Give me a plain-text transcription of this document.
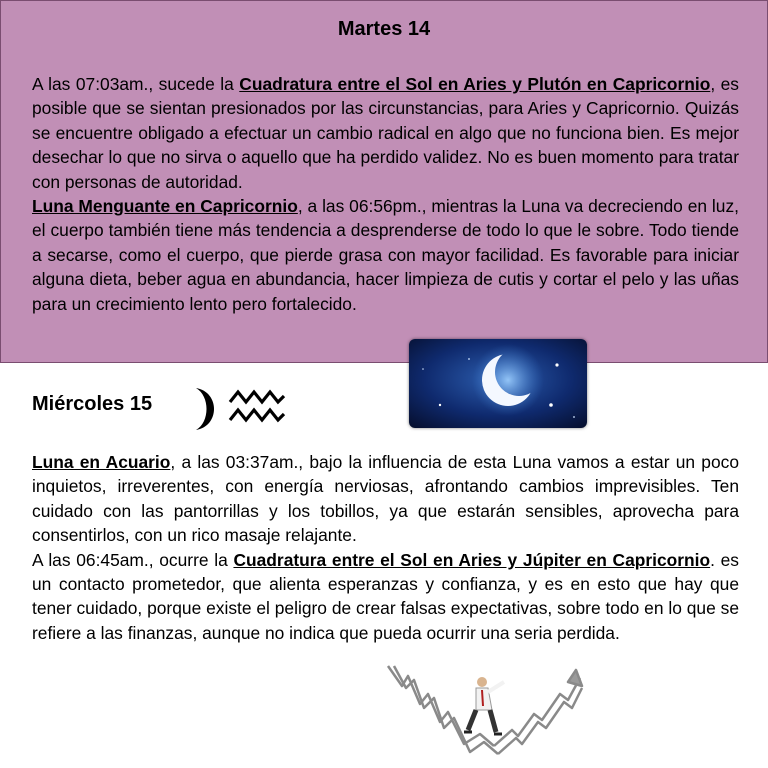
Martes 14
A las 07:03am., sucede la Cuadratura entre el Sol en Aries y Plutón en Capricornio, es posible que se sientan presionados por las circunstancias, para Aries y Capricornio. Quizás se encuentre obligado a efectuar un cambio radical en algo que no funciona bien. Es mejor desechar lo que no sirva o aquello que ha perdido validez. No es buen momento para tratar con personas de autoridad.
Luna Menguante en Capricornio, a las 06:56pm., mientras la Luna va decreciendo en luz, el cuerpo también tiene más tendencia a desprenderse de todo lo que le sobre. Todo tiende a secarse, como el cuerpo, que pierde grasa con mayor facilidad. Es favorable para iniciar alguna dieta, beber agua en abundancia, hacer limpieza de cutis y cortar el pelo y las uñas para un crecimiento lento pero fortalecido.
Miércoles 15
Luna en Acuario, a las 03:37am., bajo la influencia de esta Luna vamos a estar un poco inquietos, irreverentes, con energía nerviosas, afrontando cambios imprevisibles. Ten cuidado con las pantorrillas y los tobillos, ya que estarán sensibles, aprovecha para consentirlos, con un rico masaje relajante.
A las 06:45am., ocurre la Cuadratura entre el Sol en Aries y Júpiter en Capricornio. es un contacto prometedor, que alienta esperanzas y confianza, y es en esto que hay que tener cuidado, porque existe el peligro de crear falsas expectativas, sobre todo en lo que se refiere a las finanzas, aunque no indica que pueda ocurrir una seria perdida.
